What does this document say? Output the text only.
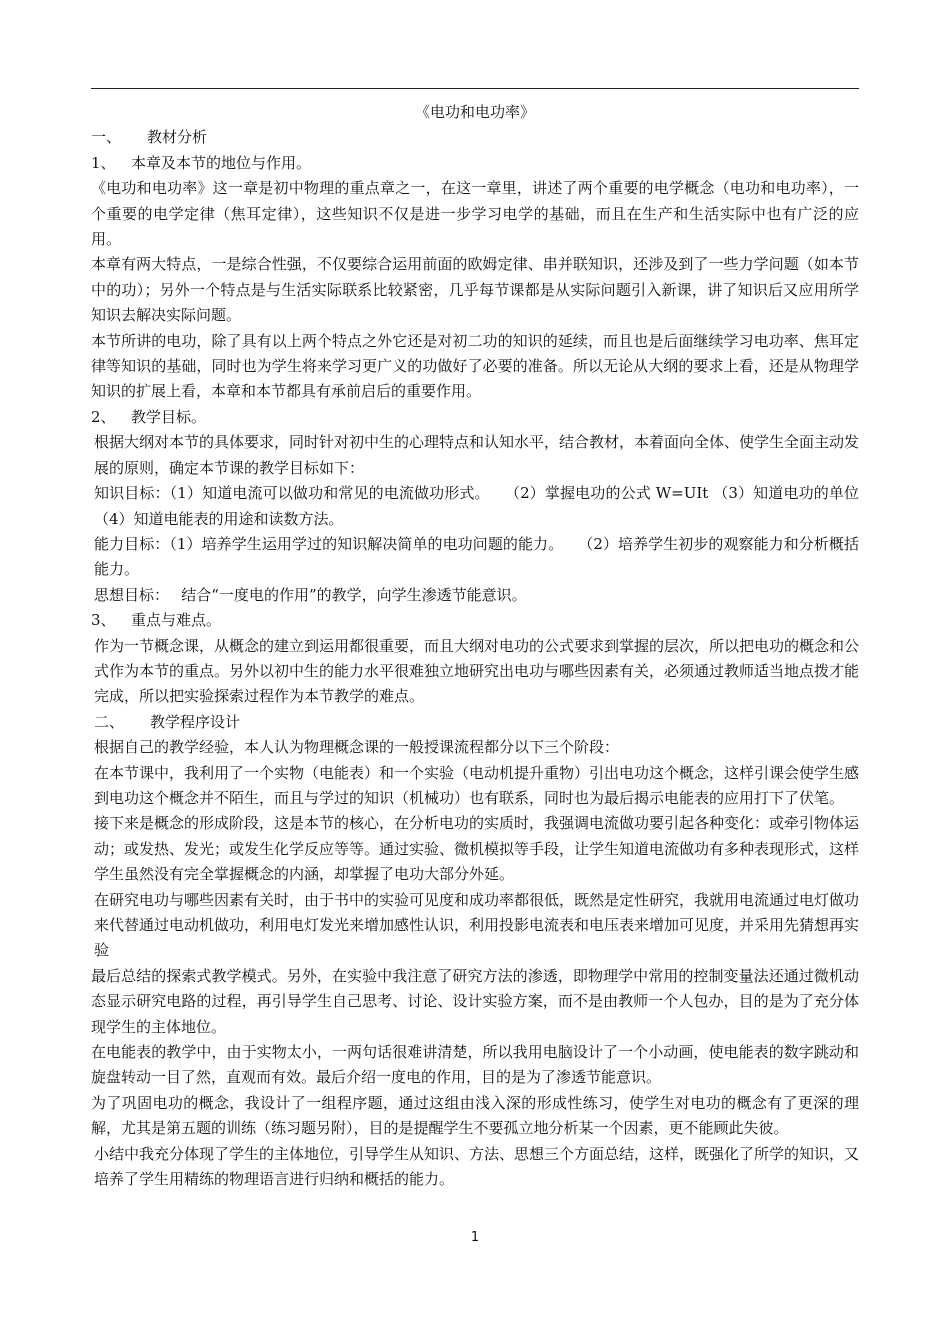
《电功和电功率》
一、	教材分析
1、	本章及本节的地位与作用。

《电功和电功率》这一章是初中物理的重点章之一，在这一章里，讲述了两个重要的电学概念（电功和电功率），一个重要的电学定律（焦耳定律），这些知识不仅是进一步学习电学的基础，而且在生产和生活实际中也有广泛的应用。

本章有两大特点，一是综合性强，不仅要综合运用前面的欧姆定律、串并联知识，还涉及到了一些力学问题（如本节中的功）；另外一个特点是与生活实际联系比较紧密，几乎每节课都是从实际问题引入新课，讲了知识后又应用所学知识去解决实际问题。

本节所讲的电功，除了具有以上两个特点之外它还是对初二功的知识的延续，而且也是后面继续学习电功率、焦耳定律等知识的基础，同时也为学生将来学习更广义的功做好了必要的准备。所以无论从大纲的要求上看，还是从物理学知识的扩展上看，本章和本节都具有承前启后的重要作用。

2、	教学目标。

根据大纲对本节的具体要求，同时针对初中生的心理特点和认知水平，结合教材，本着面向全体、使学生全面主动发展的原则，确定本节课的教学目标如下：

知识目标：（1）知道电流可以做功和常见的电流做功形式。　　（2）掌握电功的公式 W=UIt （3）知道电功的单位（4）知道电能表的用途和读数方法。

能力目标：（1）培养学生运用学过的知识解决简单的电功问题的能力。　　（2）培养学生初步的观察能力和分析概括能力。

思想目标：　 结合“一度电的作用”的教学，向学生渗透节能意识。

3、	重点与难点。

作为一节概念课，从概念的建立到运用都很重要，而且大纲对电功的公式要求到掌握的层次，所以把电功的概念和公式作为本节的重点。另外以初中生的能力水平很难独立地研究出电功与哪些因素有关，必须通过教师适当地点拨才能完成，所以把实验探索过程作为本节教学的难点。

二、	教学程序设计

根据自己的教学经验，本人认为物理概念课的一般授课流程都分以下三个阶段：

在本节课中，我利用了一个实物（电能表）和一个实验（电动机提升重物）引出电功这个概念，这样引课会使学生感到电功这个概念并不陌生，而且与学过的知识（机械功）也有联系，同时也为最后揭示电能表的应用打下了伏笔。

接下来是概念的形成阶段，这是本节的核心，在分析电功的实质时，我强调电流做功要引起各种变化：或牵引物体运动；或发热、发光；或发生化学反应等等。通过实验、微机模拟等手段，让学生知道电流做功有多种表现形式，这样学生虽然没有完全掌握概念的内涵，却掌握了电功大部分外延。

在研究电功与哪些因素有关时，由于书中的实验可见度和成功率都很低，既然是定性研究，我就用电流通过电灯做功来代替通过电动机做功，利用电灯发光来增加感性认识，利用投影电流表和电压表来增加可见度，并采用先猜想再实验

最后总结的探索式教学模式。另外，在实验中我注意了研究方法的渗透，即物理学中常用的控制变量法还通过微机动态显示研究电路的过程，再引导学生自己思考、讨论、设计实验方案，而不是由教师一个人包办，目的是为了充分体现学生的主体地位。

在电能表的教学中，由于实物太小，一两句话很难讲清楚，所以我用电脑设计了一个小动画，使电能表的数字跳动和旋盘转动一目了然，直观而有效。最后介绍一度电的作用，目的是为了渗透节能意识。

为了巩固电功的概念，我设计了一组程序题，通过这组由浅入深的形成性练习，使学生对电功的概念有了更深的理解，尤其是第五题的训练（练习题另附），目的是提醒学生不要孤立地分析某一个因素，更不能顾此失彼。

小结中我充分体现了学生的主体地位，引导学生从知识、方法、思想三个方面总结，这样，既强化了所学的知识，又培养了学生用精练的物理语言进行归纳和概括的能力。

1
